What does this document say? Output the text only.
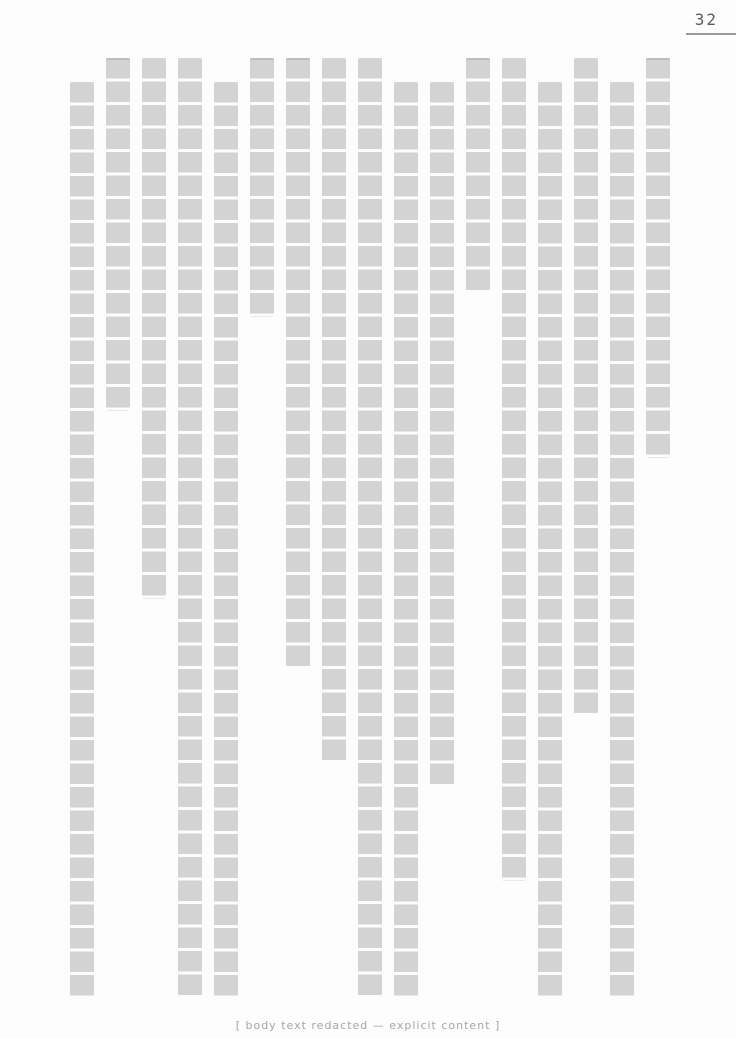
32
[ body text redacted — explicit content ]
